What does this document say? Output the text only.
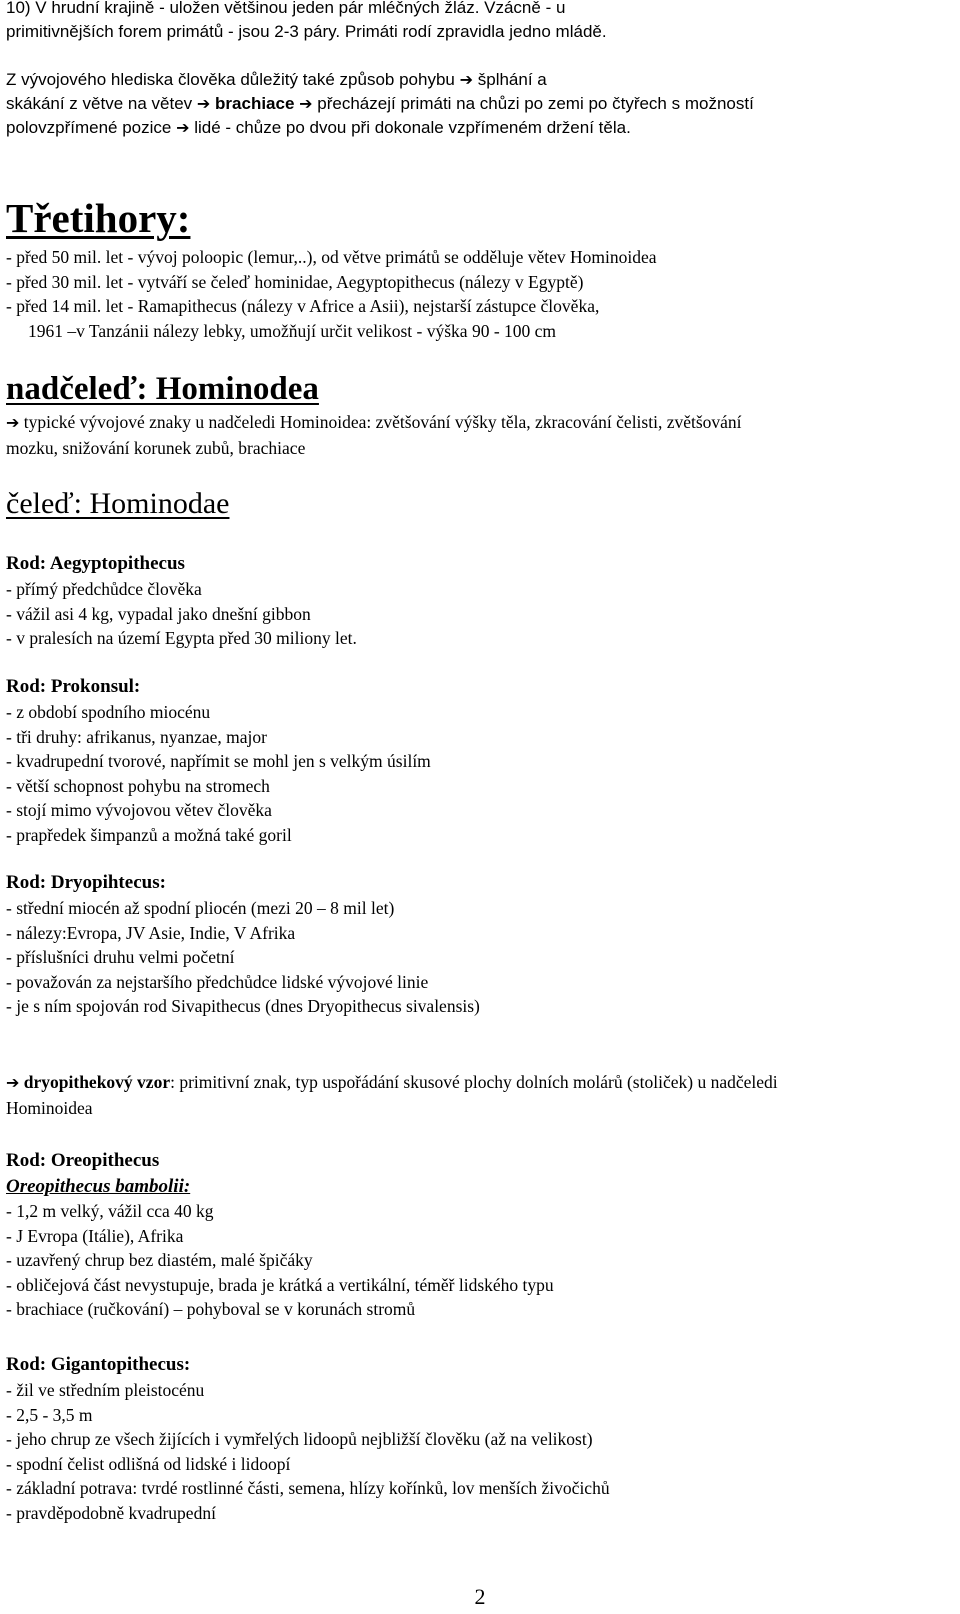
10) V hrudní krajině - uložen většinou jeden pár mléčných žláz. Vzácně - u
primitivnějších forem primátů - jsou 2-3 páry. Primáti rodí zpravidla jedno mládě.
Z vývojového hlediska člověka důležitý také způsob pohybu ➔ šplhání a
skákání z větve na větev ➔ brachiace ➔ přecházejí primáti na chůzi po zemi po čtyřech s možností
polovzpřímené pozice ➔ lidé - chůze po dvou při dokonale vzpřímeném držení těla.
Třetihory:
- před 50 mil. let - vývoj poloopic (lemur,..), od větve primátů se odděluje větev Hominoidea
- před 30 mil. let - vytváří se čeleď hominidae, Aegyptopithecus (nálezy v Egyptě)
- před 14 mil. let - Ramapithecus (nálezy v Africe a Asii), nejstarší zástupce člověka,
1961 –v Tanzánii nálezy lebky, umožňují určit velikost - výška 90 - 100 cm
nadčeleď: Hominodea
➔ typické vývojové znaky u nadčeledi Hominoidea: zvětšování výšky těla, zkracování čelisti, zvětšování
mozku, snižování korunek zubů, brachiace
čeleď: Hominodae
Rod: Aegyptopithecus
- přímý předchůdce člověka
- vážil asi 4 kg, vypadal jako dnešní gibbon
- v pralesích na území Egypta před 30 miliony let.
Rod: Prokonsul:
- z období spodního miocénu
- tři druhy: afrikanus, nyanzae, major
- kvadrupední tvorové, napřímit se mohl jen s velkým úsilím
- větší schopnost pohybu na stromech
- stojí mimo vývojovou větev člověka
- prapředek šimpanzů a možná také goril
Rod: Dryopihtecus:
- střední miocén až spodní pliocén (mezi 20 – 8 mil let)
- nálezy:Evropa, JV Asie, Indie, V Afrika
- příslušníci druhu velmi početní
- považován za nejstaršího předchůdce lidské vývojové linie
- je s ním spojován rod Sivapithecus (dnes Dryopithecus sivalensis)
➔ dryopithekový vzor: primitivní znak, typ uspořádání skusové plochy dolních molárů (stoliček) u nadčeledi
Hominoidea
Rod: Oreopithecus
Oreopithecus bambolii:
- 1,2 m velký, vážil cca 40 kg
- J Evropa (Itálie), Afrika
- uzavřený chrup bez diastém, malé špičáky
- obličejová část nevystupuje, brada je krátká a vertikální, téměř lidského typu
- brachiace (ručkování) – pohyboval se v korunách stromů
Rod: Gigantopithecus:
- žil ve středním pleistocénu
- 2,5 - 3,5 m
- jeho chrup ze všech žijících i vymřelých lidoopů nejbližší člověku (až na velikost)
- spodní čelist odlišná od lidské i lidoopí
- základní potrava: tvrdé rostlinné části, semena, hlízy kořínků, lov menších živočichů
- pravděpodobně kvadrupední
2
